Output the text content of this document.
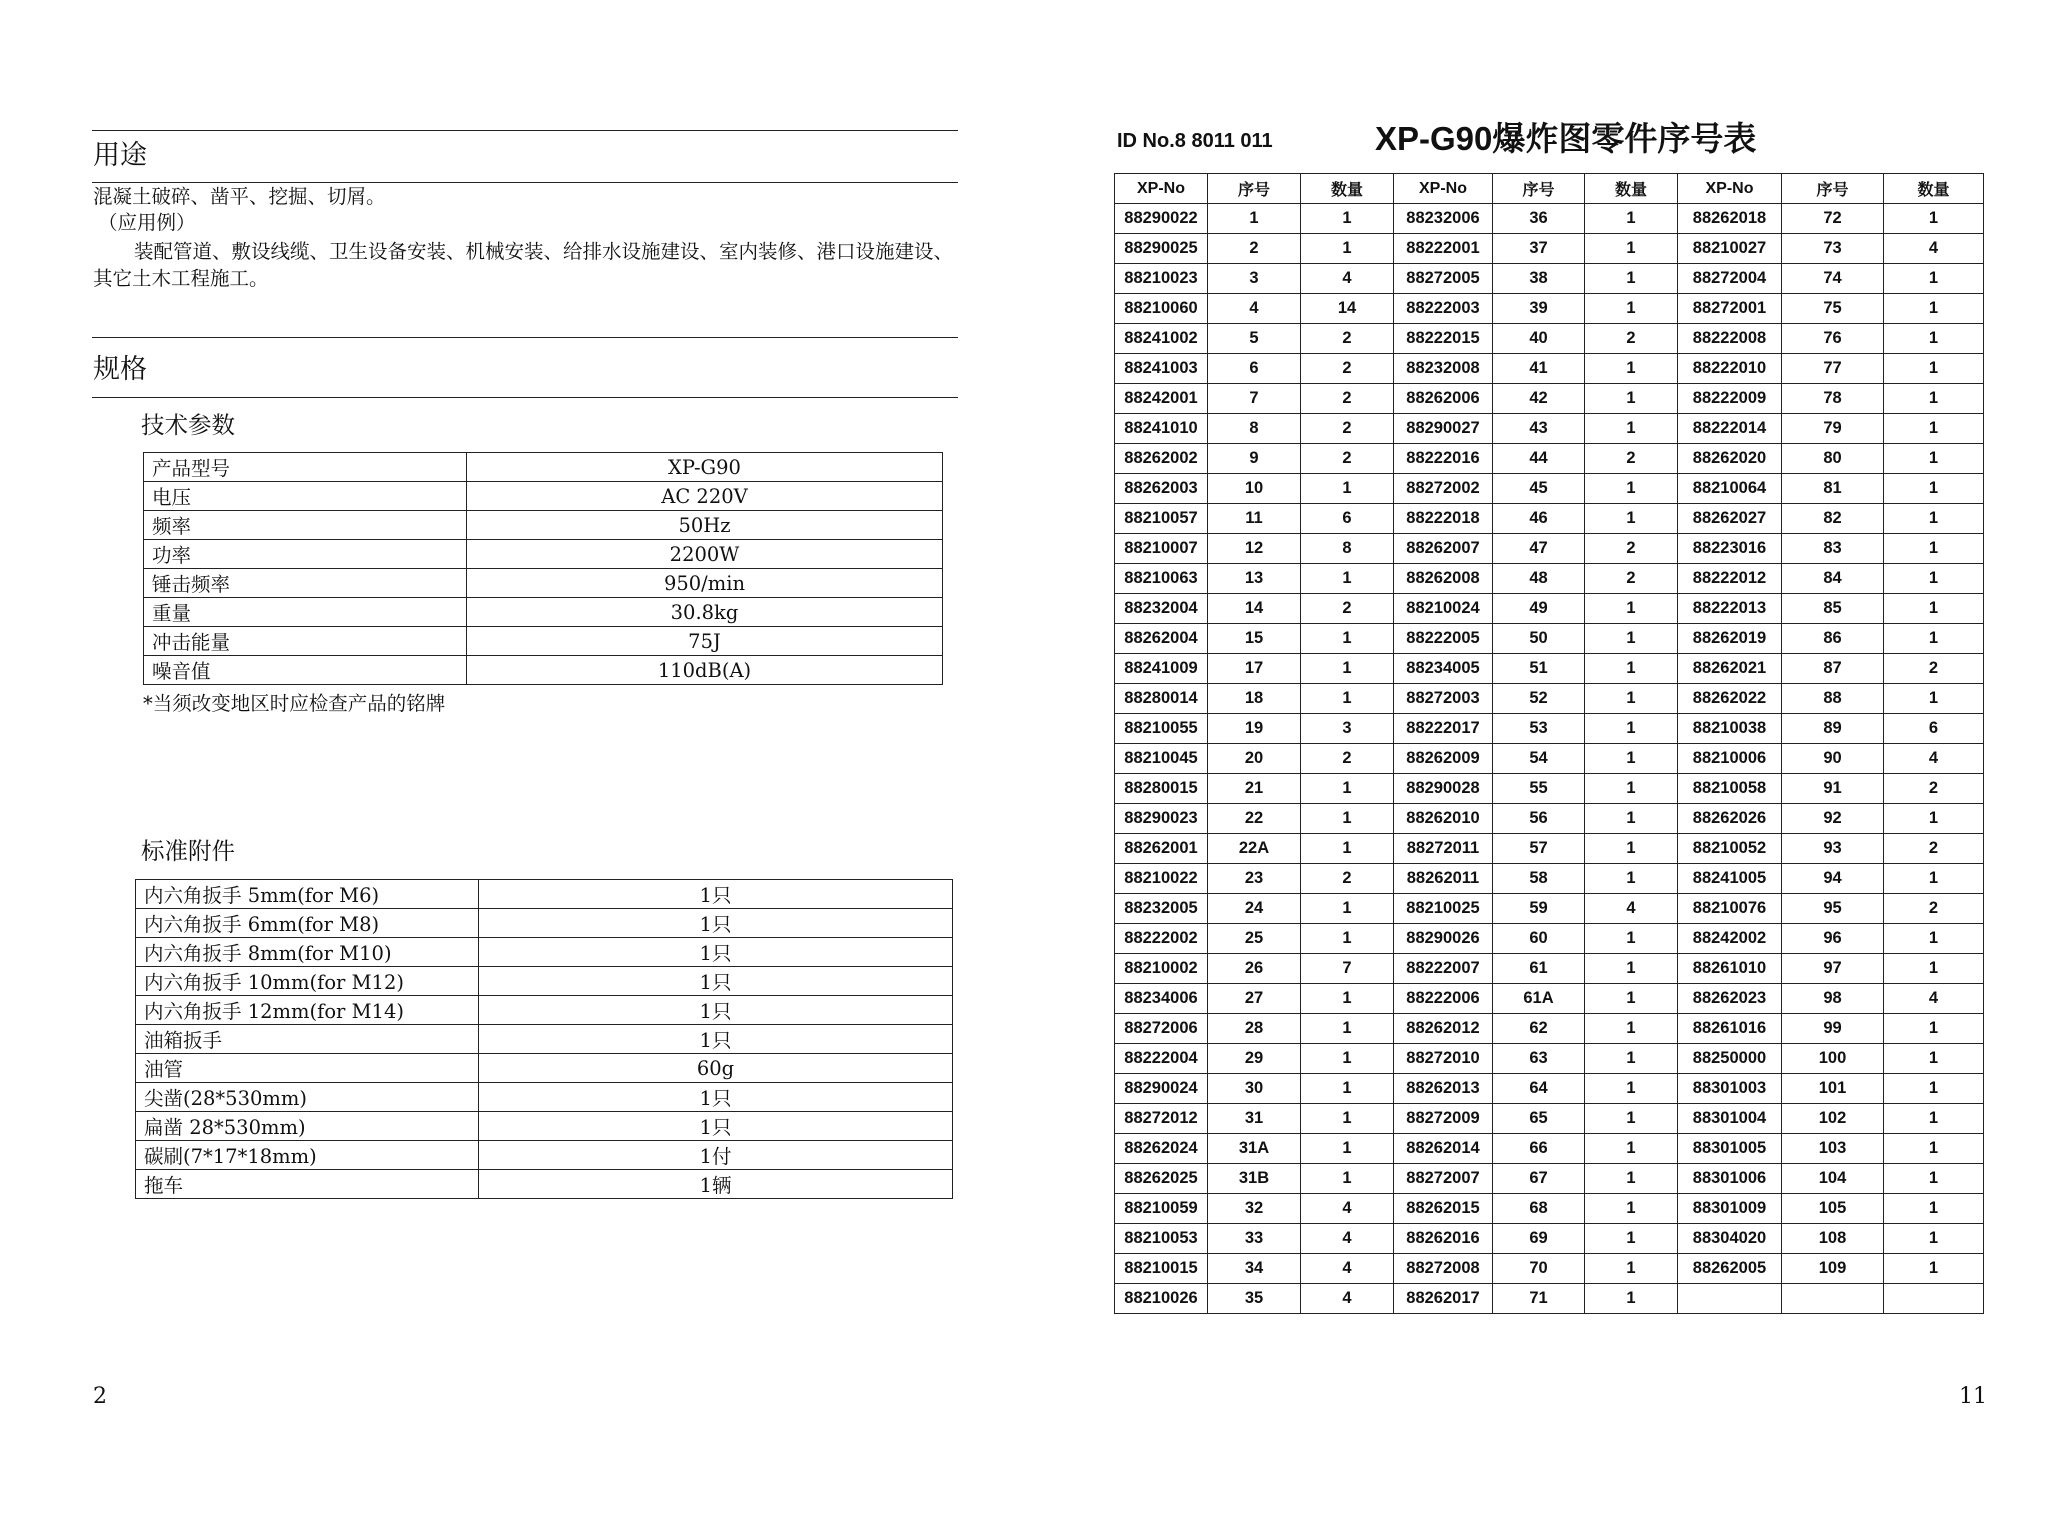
用途
混凝土破碎、凿平、挖掘、切屑。
（应用例）
装配管道、敷设线缆、卫生设备安装、机械安装、给排水设施建设、室内装修、港口设施建设、
其它土木工程施工。
规格
技术参数
产品型号	XP-G90
电压	AC 220V
频率	50Hz
功率	2200W
锤击频率	950/min
重量	30.8kg
冲击能量	75J
噪音值	110dB(A)
*当须改变地区时应检查产品的铭牌
标准附件
内六角扳手 5mm(for M6)	1只
内六角扳手 6mm(for M8)	1只
内六角扳手 8mm(for M10)	1只
内六角扳手 10mm(for M12)	1只
内六角扳手 12mm(for M14)	1只
油箱扳手	1只
油管	60g
尖凿(28*530mm)	1只
扁凿 28*530mm)	1只
碳刷(7*17*18mm)	1付
拖车	1辆
2
ID No.8 8011 011	XP-G90爆炸图零件序号表
XP-No	序号	数量	XP-No	序号	数量	XP-No	序号	数量
88290022	1	1	88232006	36	1	88262018	72	1
88290025	2	1	88222001	37	1	88210027	73	4
88210023	3	4	88272005	38	1	88272004	74	1
88210060	4	14	88222003	39	1	88272001	75	1
88241002	5	2	88222015	40	2	88222008	76	1
88241003	6	2	88232008	41	1	88222010	77	1
88242001	7	2	88262006	42	1	88222009	78	1
88241010	8	2	88290027	43	1	88222014	79	1
88262002	9	2	88222016	44	2	88262020	80	1
88262003	10	1	88272002	45	1	88210064	81	1
88210057	11	6	88222018	46	1	88262027	82	1
88210007	12	8	88262007	47	2	88223016	83	1
88210063	13	1	88262008	48	2	88222012	84	1
88232004	14	2	88210024	49	1	88222013	85	1
88262004	15	1	88222005	50	1	88262019	86	1
88241009	17	1	88234005	51	1	88262021	87	2
88280014	18	1	88272003	52	1	88262022	88	1
88210055	19	3	88222017	53	1	88210038	89	6
88210045	20	2	88262009	54	1	88210006	90	4
88280015	21	1	88290028	55	1	88210058	91	2
88290023	22	1	88262010	56	1	88262026	92	1
88262001	22A	1	88272011	57	1	88210052	93	2
88210022	23	2	88262011	58	1	88241005	94	1
88232005	24	1	88210025	59	4	88210076	95	2
88222002	25	1	88290026	60	1	88242002	96	1
88210002	26	7	88222007	61	1	88261010	97	1
88234006	27	1	88222006	61A	1	88262023	98	4
88272006	28	1	88262012	62	1	88261016	99	1
88222004	29	1	88272010	63	1	88250000	100	1
88290024	30	1	88262013	64	1	88301003	101	1
88272012	31	1	88272009	65	1	88301004	102	1
88262024	31A	1	88262014	66	1	88301005	103	1
88262025	31B	1	88272007	67	1	88301006	104	1
88210059	32	4	88262015	68	1	88301009	105	1
88210053	33	4	88262016	69	1	88304020	108	1
88210015	34	4	88272008	70	1	88262005	109	1
88210026	35	4	88262017	71	1			
11
